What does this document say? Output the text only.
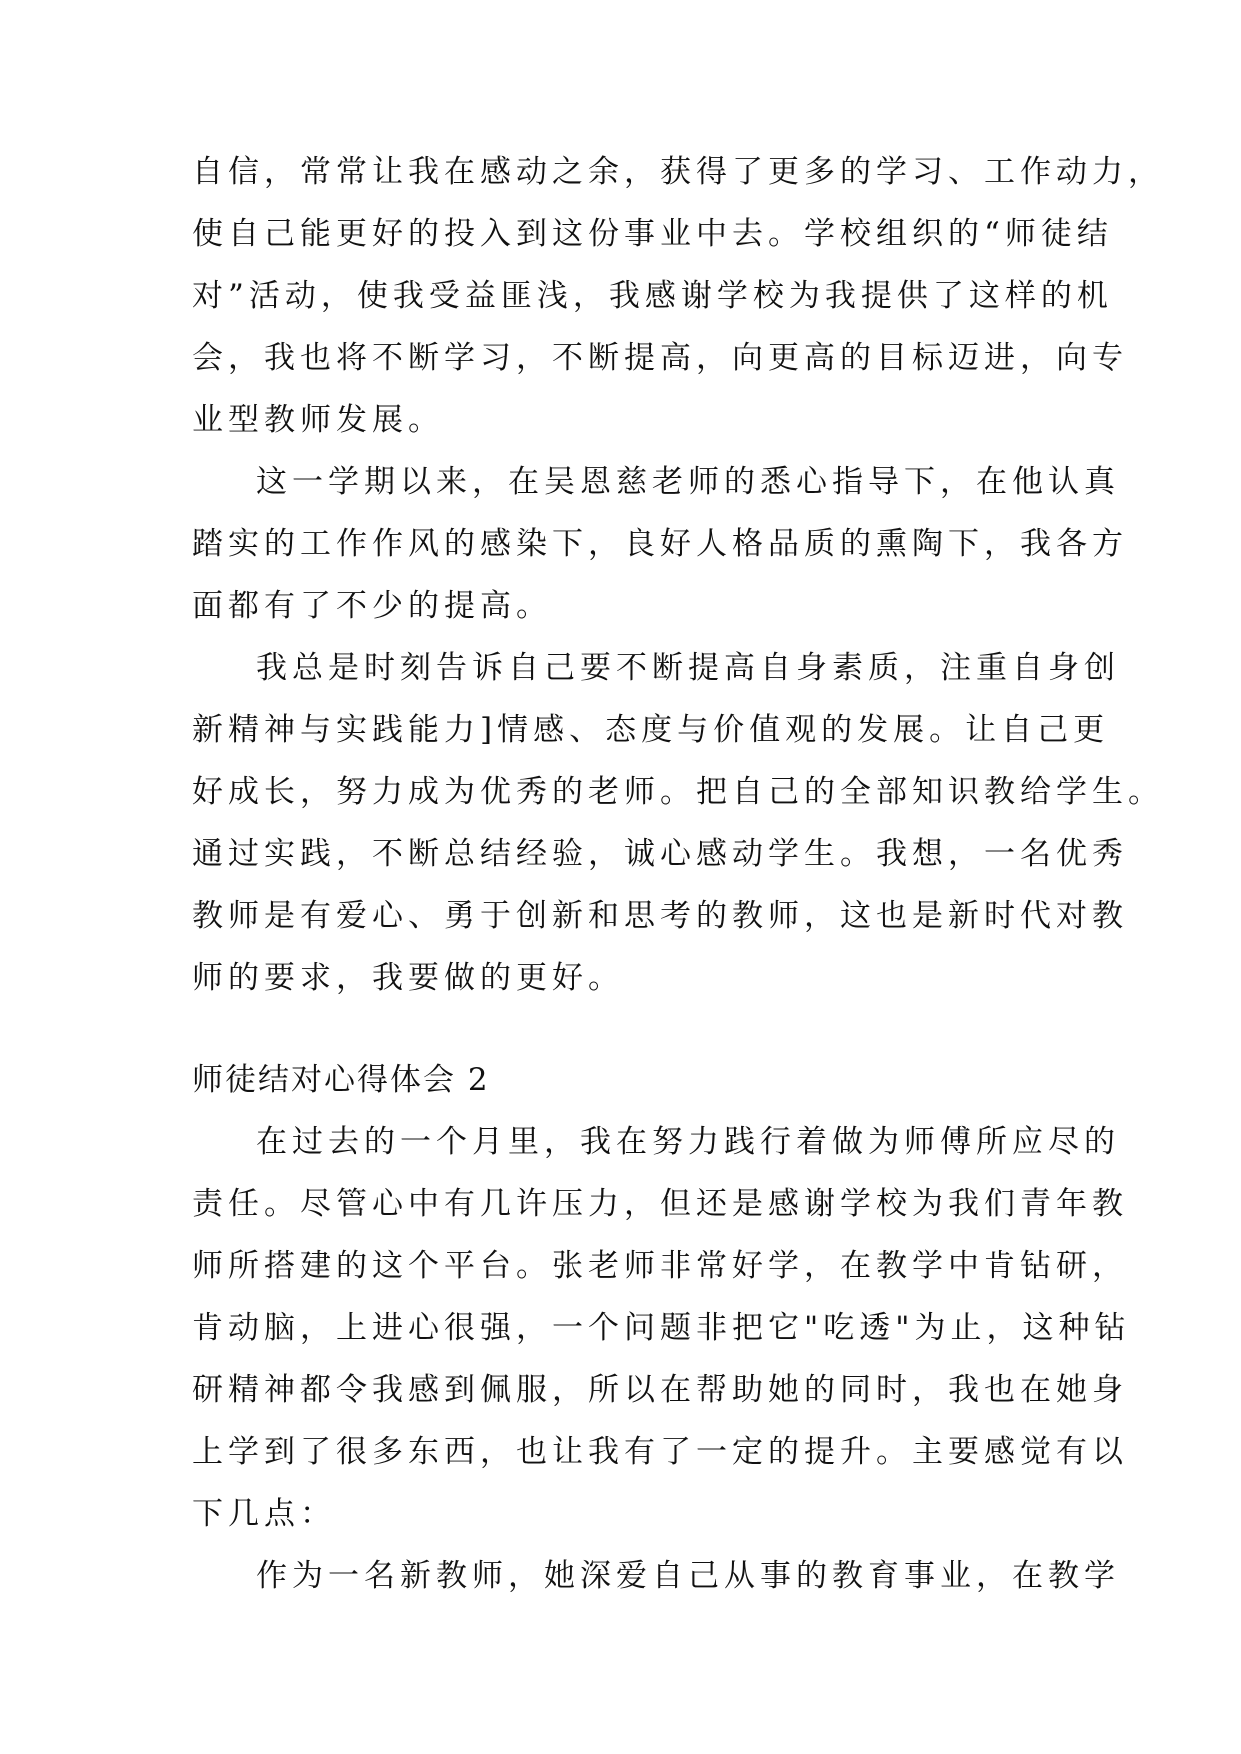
自信，常常让我在感动之余，获得了更多的学习、工作动力，
使自己能更好的投入到这份事业中去。学校组织的“师徒结
对”活动，使我受益匪浅，我感谢学校为我提供了这样的机
会，我也将不断学习，不断提高，向更高的目标迈进，向专
业型教师发展。
这一学期以来，在吴恩慈老师的悉心指导下，在他认真
踏实的工作作风的感染下，良好人格品质的熏陶下，我各方
面都有了不少的提高。
我总是时刻告诉自己要不断提高自身素质，注重自身创
新精神与实践能力]情感、态度与价值观的发展。让自己更
好成长，努力成为优秀的老师。把自己的全部知识教给学生。
通过实践，不断总结经验，诚心感动学生。我想，一名优秀
教师是有爱心、勇于创新和思考的教师，这也是新时代对教
师的要求，我要做的更好。
师徒结对心得体会 2
在过去的一个月里，我在努力践行着做为师傅所应尽的
责任。尽管心中有几许压力，但还是感谢学校为我们青年教
师所搭建的这个平台。张老师非常好学，在教学中肯钻研，
肯动脑，上进心很强，一个问题非把它"吃透"为止，这种钻
研精神都令我感到佩服，所以在帮助她的同时，我也在她身
上学到了很多东西，也让我有了一定的提升。主要感觉有以
下几点：
作为一名新教师，她深爱自己从事的教育事业，在教学
